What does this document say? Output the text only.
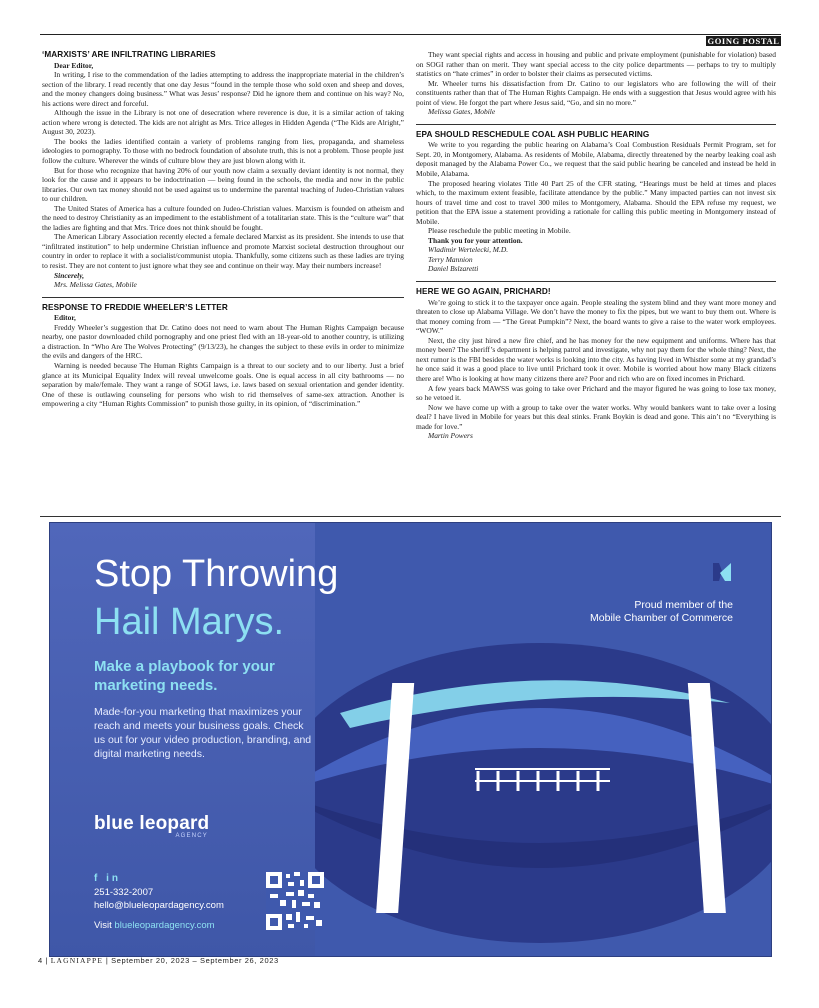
GOING POSTAL
‘MARXISTS’ ARE INFILTRATING LIBRARIES

Dear Editor,

In writing, I rise to the commendation of the ladies attempting to address the inappropriate material in the children’s section of the library. I read recently that one day Jesus “found in the temple those who sold oxen and sheep and doves, and the money changers doing business.” What was Jesus’ response? Did he ignore them and continue on his way? No, his actions were direct and forceful.

Although the issue in the Library is not one of desecration where reverence is due, it is a similar action of taking action where wrong is detected. The kids are not alright as Mrs. Trice alleges in Hidden Agenda (“The Kids are Alright,” August 30, 2023).

The books the ladies identified contain a variety of problems ranging from lies, propaganda, and shameless ideologies to pornography. To those with no bedrock foundation of absolute truth, this is not a problem. Those people just follow the culture. Wherever the winds of culture blow they are just blown along with it.

But for those who recognize that having 20% of our youth now claim a sexually deviant identity is not normal, they look for the cause and it appears to be indoctrination — being found in the schools, the media and now in the public libraries. Our own tax money should not be used against us to undermine the parental teaching of Judeo-Christian values to our children.

The United States of America has a culture founded on Judeo-Christian values. Marxism is founded on atheism and the need to destroy Christianity as an impediment to the establishment of a totalitarian state. This is the “culture war” that the ladies are fighting and that Mrs. Trice does not think should be fought.

The American Library Association recently elected a female declared Marxist as its president. She intends to use that “infiltrated institution” to help undermine Christian influence and promote Marxist societal destruction throughout our country in order to replace it with a socialist/communist utopia. Thankfully, some citizens such as these ladies are trying to resist. They are not content to just ignore what they see and continue on their way. May their numbers increase!

Sincerely,

Mrs. Melissa Gates, Mobile

RESPONSE TO FREDDIE WHEELER’S LETTER

Editor,

Freddy Wheeler’s suggestion that Dr. Catino does not need to warn about The Human Rights Campaign because nearby, one pastor downloaded child pornography and one priest fled with an 18-year-old to another country, is utilizing a distraction. In “Who Are The Wolves Protecting” (9/13/23), he changes the subject to these evils in order to minimize the evils and dangers of the HRC.

Warning is needed because The Human Rights Campaign is a threat to our society and to our liberty. Just a brief glance at its Municipal Equality Index will reveal unwelcome goals. One is equal access in all city bathrooms — no separation by male/female. They want a range of SOGI laws, i.e. laws based on sexual orientation and gender identity. One of these is outlawing counseling for persons who wish to rid themselves of same-sex attraction. Another is empowering a city “Human Rights Commission” to punish those guilty, in its opinion, of “discrimination.”

They want special rights and access in housing and public and private employment (punishable for violation) based on SOGI rather than on merit. They want special access to the city police departments — perhaps to try to multiply statistics on “hate crimes” in order to bolster their claims as persecuted victims.

Mr. Wheeler turns his dissatisfaction from Dr. Catino to our legislators who are following the will of their constituents rather than that of The Human Rights Campaign. He ends with a suggestion that Jesus would agree with his point of view. He forgot the part where Jesus said, “Go, and sin no more.”

Melissa Gates, Mobile

EPA SHOULD RESCHEDULE COAL ASH PUBLIC HEARING

We write to you regarding the public hearing on Alabama’s Coal Combustion Residuals Permit Program, set for Sept. 20, in Montgomery, Alabama. As residents of Mobile, Alabama, directly threatened by the nearby leaking coal ash deposit managed by the Alabama Power Co., we request that the said public hearing be canceled and instead be held in Mobile, Alabama.

The proposed hearing violates Title 40 Part 25 of the CFR stating, “Hearings must be held at times and places which, to the maximum extent feasible, facilitate attendance by the public.” Many impacted parties can not invest six hours of travel time and cost to travel 300 miles to Montgomery, Alabama. Should the EPA refuse my request, we petition that the EPA issue a statement providing a rationale for calling this public meeting in Montgomery instead of Mobile.

Please reschedule the public meeting in Mobile.

Thank you for your attention.

Wladimir Wertelecki, M.D.

Terry Mannion

Daniel Bslzaretti

HERE WE GO AGAIN, PRICHARD!

We’re going to stick it to the taxpayer once again. People stealing the system blind and they want more money and threaten to close up Alabama Village. We don’t have the money to fix the pipes, but we want to buy them out. Where is that money coming from — “The Great Pumpkin”? Next, the board wants to give a raise to the water work employees. “WOW.”

Next, the city just hired a new fire chief, and he has money for the new equipment and uniforms. Where has that money been? The sheriff’s department is helping patrol and investigate, why not pay them for the whole thing? Next, the next rumor is the FBI besides the water works is looking into the city. As having lived in Whistler some at my grandad’s he once said it was a good place to live until Prichard took it over. Mobile is worried about how many Black citizens there are! Who is looking at how many citizens there are? Poor and rich who are on fixed incomes in Prichard.

A few years back MAWSS was going to take over Prichard and the mayor figured he was going to lose tax money, so he vetoed it.

Now we have come up with a group to take over the water works. Why would bankers want to take over a losing deal? I have lived in Mobile for years but this deal stinks. Frank Boykin is dead and gone. This ain’t no “Everything is made for love.”

Martin Powers

Stop Throwing
Hail Marys.
Make a playbook for your marketing needs.
Made-for-you marketing that maximizes your reach and meets your business goals. Check us out for your video production, branding, and digital marketing needs.
blue leopard
AGENCY
f in
251-332-2007
hello@blueleopardagency.com
Visit blueleopardagency.com
Proud member of the
Mobile Chamber of Commerce
4 | LAGNIAPPE | September 20, 2023 – September 26, 2023
